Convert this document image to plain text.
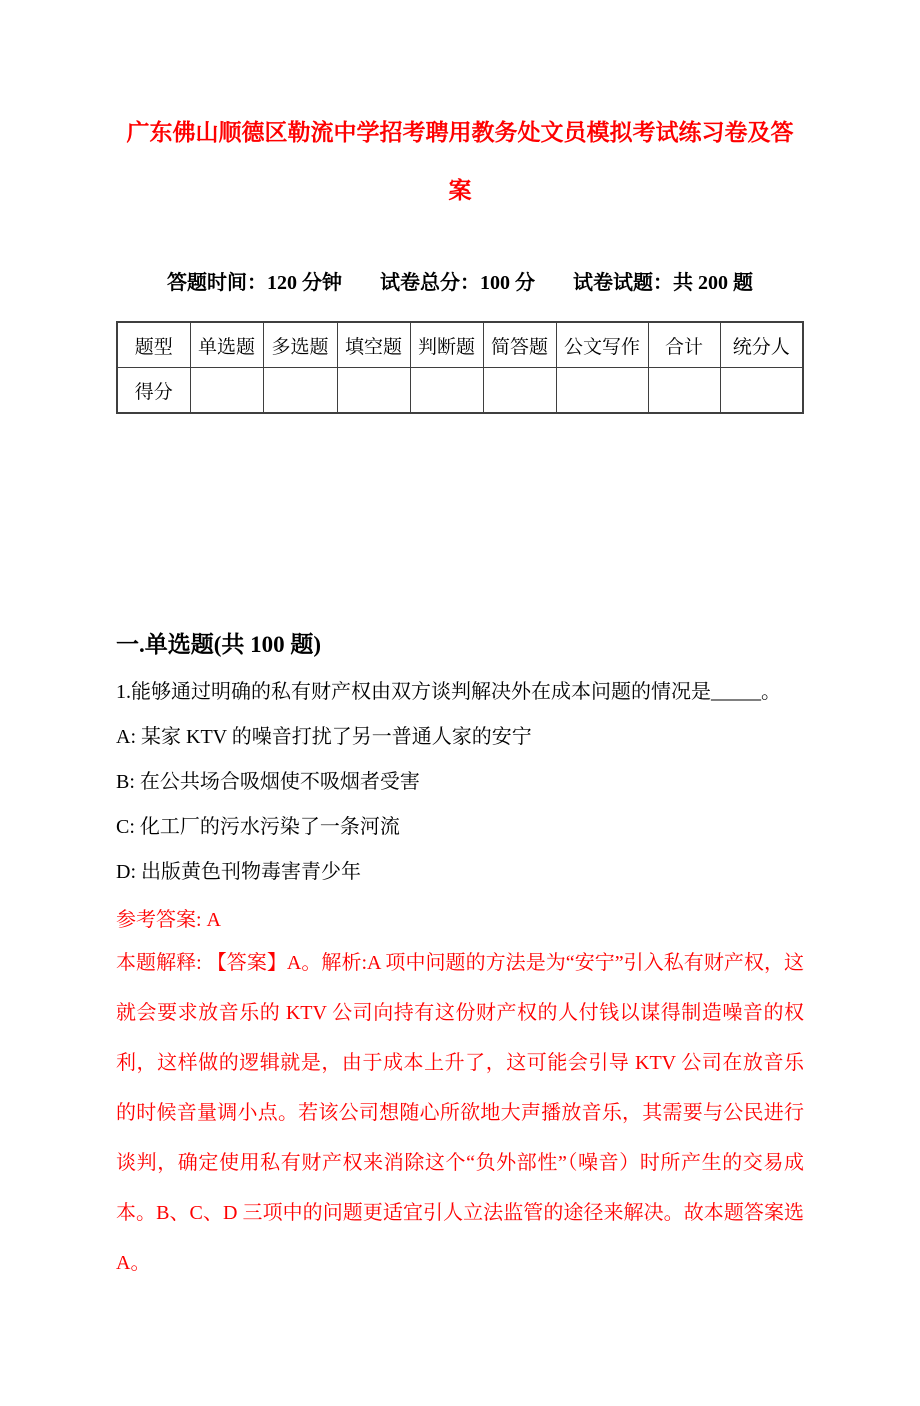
广东佛山顺德区勒流中学招考聘用教务处文员模拟考试练习卷及答案
答题时间：120 分钟 试卷总分：100 分 试卷试题：共 200 题
题型	单选题	多选题	填空题	判断题	简答题	公文写作	合计	统分人
得分								
一.单选题(共 100 题)
1.能够通过明确的私有财产权由双方谈判解决外在成本问题的情况是_____。
A: 某家 KTV 的噪音打扰了另一普通人家的安宁
B: 在公共场合吸烟使不吸烟者受害
C: 化工厂的污水污染了一条河流
D: 出版黄色刊物毒害青少年
参考答案: A
本题解释: 【答案】A。解析:A 项中问题的方法是为“安宁”引入私有财产权，这就会要求放音乐的 KTV 公司向持有这份财产权的人付钱以谋得制造噪音的权利，这样做的逻辑就是，由于成本上升了，这可能会引导 KTV 公司在放音乐的时候音量调小点。若该公司想随心所欲地大声播放音乐，其需要与公民进行谈判，确定使用私有财产权来消除这个“负外部性”（噪音）时所产生的交易成本。B、C、D 三项中的问题更适宜引人立法监管的途径来解决。故本题答案选 A。
